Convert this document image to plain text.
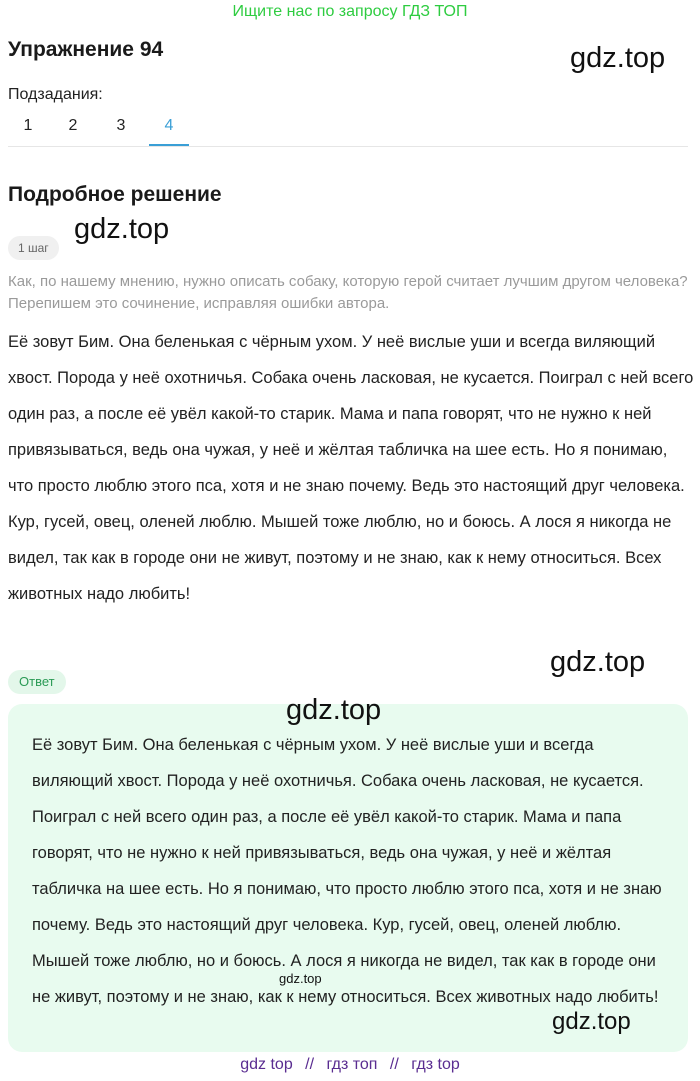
Ищите нас по запросу ГДЗ ТОП
Упражнение 94	gdz.top
Подзадания:
1	2	3	4
Подробное решение
gdz.top
1 шаг
Как, по нашему мнению, нужно описать собаку, которую герой считает лучшим другом человека? Перепишем это сочинение, исправляя ошибки автора.
Её зовут Бим. Она беленькая с чёрным ухом. У неё вислые уши и всегда виляющий хвост. Порода у неё охотничья. Собака очень ласковая, не кусается. Поиграл с ней всего один раз, а после её увёл какой-то старик. Мама и папа говорят, что не нужно к ней привязываться, ведь она чужая, у неё и жёлтая табличка на шее есть. Но я понимаю, что просто люблю этого пса, хотя и не знаю почему. Ведь это настоящий друг человека. Кур, гусей, овец, оленей люблю. Мышей тоже люблю, но и боюсь. А лося я никогда не видел, так как в городе они не живут, поэтому и не знаю, как к нему относиться. Всех животных надо любить!
gdz.top
Ответ
gdz.top
Её зовут Бим. Она беленькая с чёрным ухом. У неё вислые уши и всегда виляющий хвост. Порода у неё охотничья. Собака очень ласковая, не кусается. Поиграл с ней всего один раз, а после её увёл какой-то старик. Мама и папа говорят, что не нужно к ней привязываться, ведь она чужая, у неё и жёлтая табличка на шее есть. Но я понимаю, что просто люблю этого пса, хотя и не знаю почему. Ведь это настоящий друг человека. Кур, гусей, овец, оленей люблю. Мышей тоже люблю, но и боюсь. А лося я никогда не видел, так как в городе они не живут, поэтому и не знаю, как к нему относиться. Всех животных надо любить!
gdz.top
gdz.top
gdz top // гдз топ // гдз top
